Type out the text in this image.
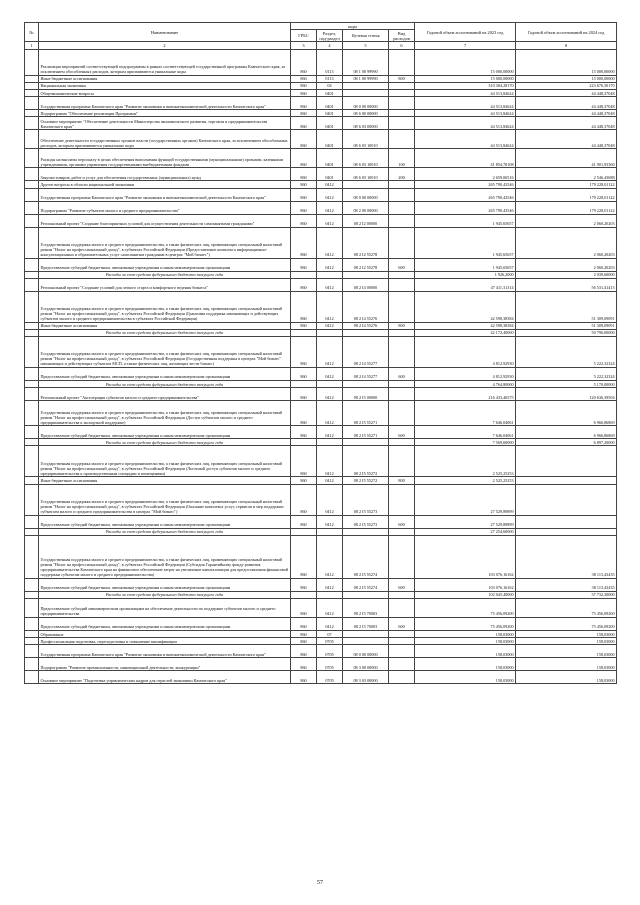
№	Наименование	коды				Годовой объем ассигнований на 2023 год	Годовой объем ассигнований на 2024 год
		ГРБС	Раздел, под-раздел	Целевая статья	Вид расходов		
1	2	3	4	5	6	7	8
	Реализация мероприятий соответствующей подпрограммы в рамках соответствующей государственной программы Камчатского края, за исключением обособленных расходов, которым присваиваются уникальные коды	860	0113	08 1 00 99990		15 000,00000	15 000,00000
	Иные бюджетные ассигнования	860	0113	08 1 00 99990	800	15 000,00000	15 000,00000
	Национальная экономика	860	04			310 304,28170	223 676,30170
	Общеэкономические вопросы	860	0401			44 513,84624	44 448,37048
	Государственная программа Камчатского края "Развитие экономики и внешнеэкономической деятельности Камчатского края"	860	0401	08 0 00 00000		44 513,84624	44 448,37048
	Подпрограмма "Обеспечение реализации Программы"	860	0401	08 6 00 00000		44 513,84624	44 448,37048
	Основное мероприятие "Обеспечение деятельности Министерства экономического развития, торговли и предпринимательства Камчатского края"	860	0401	08 6 03 00000		44 513,84624	44 448,37048
	Обеспечение деятельности государственных органов власти (государственных органов) Камчатского края, за исключением обособленных расходов, которым присваиваются уникальные коды	860	0401	08 6 03 10010		44 513,84624	44 448,37048
	Расходы на выплаты персоналу в целях обеспечения выполнения функций государственными (муниципальными) органами, казенными учреждениями, органами управления государственными внебюджетными фондами	860	0401	08 6 03 10010	100	41 854,78108	41 901,93360
	Закупка товаров, работ и услуг для обеспечения государственных (муниципальных) нужд	860	0401	08 6 03 10010	200	2 659,06516	2 546,43688
	Другие вопросы в области национальной экономики	860	0412			265 790,43546	179 228,01122
	Государственная программа Камчатского края "Развитие экономики и внешнеэкономической деятельности Камчатского края"	860	0412	08 0 00 00000		265 790,43546	179 228,01122
	Подпрограмма "Развитие субъектов малого и среднего предпринимательства"	860	0412	08 2 00 00000		265 790,43546	179 228,01122
	Региональный проект "Создание благоприятных условий для осуществления деятельности самозанятыми гражданами"	860	0412	08 2 I2 00000		1 945,65657	2 060,20203
	Государственная поддержка малого и среднего предпринимательства, а также физических лиц, применяющих специальный налоговый режим "Налог на профессиональный доход", в субъектах Российской Федерации (Предоставление комплекса информационно-консультационных и образовательных услуг самозанятым гражданам в центрах "Мой бизнес")	860	0412	08 2 I2 55278		1 945,65657	2 060,20203
	Предоставление субсидий бюджетным, автономным учреждениям и иным некоммерческим организациям	860	0412	08 2 I2 55278	600	1 945,65657	2 060,20203
	Расходы за счет средств федерального бюджета текущего года					1 926,2000	2 039,60000
	Региональный проект "Создание условий для легкого старта и комфортного ведения бизнеса"	860	0412	08 2 I4 00000		47 411,31314	56 531,41413
	Государственная поддержка малого и среднего предпринимательства, а также физических лиц, применяющих специальный налоговый режим "Налог на профессиональный доход", в субъектах Российской Федерации (Грантовая поддержка начинающих и действующих субъектов малого и среднего предпринимательства в субъектах Российской Федерации)	860	0412	08 2 I4 55276		42 598,38384	51 309,09091
	Иные бюджетные ассигнования	860	0412	08 2 I4 55276	800	42 598,38384	51 309,09091
	Расходы за счет средств федерального бюджета текущего года					42 172,40000	50 796,00000
	Государственная поддержка малого и среднего предпринимательства, а также физических лиц, применяющих специальный налоговый режим "Налог на профессиональный доход", в субъектах Российской Федерации (Государственная поддержка в центрах "Мой бизнес" начинающих и действующих субъектов МСП, а также физических лиц, желающих вести бизнес)	860	0412	08 2 I4 55277		4 812,92930	5 222,32324
	Предоставление субсидий бюджетным, автономным учреждениям и иным некоммерческим организациям	860	0412	08 2 I4 55277	600	4 812,92930	5 222,32324
	Расходы за счет средств федерального бюджета текущего года					4 764,80000	5 170,00000
	Региональный проект "Акселерация субъектов малого и среднего предпринимательства"	860	0412	08 2 I5 00000		216 433,46575	120 636,39504
	Государственная поддержка малого и среднего предпринимательства, а также физических лиц, применяющих специальный налоговый режим "Налог на профессиональный доход", в субъектах Российской Федерации (Доступ субъектов малого и среднего предпринимательства к экспортной поддержке)	860	0412	08 2 I5 55271		7 646,04061	6 966,86869
	Предоставление субсидий бюджетным, автономным учреждениям и иным некоммерческим организациям	860	0412	08 2 I5 55271	600	7 646,04061	6 966,86869
	Расходы за счет средств федерального бюджета текущего года					7 569,60000	6 897,20000
	Государственная поддержка малого и среднего предпринимательства, а также физических лиц, применяющих специальный налоговый режим "Налог на профессиональный доход", в субъектах Российской Федерации (Льготный доступ субъектов малого и среднего предпринимательства к производственным площадям и помещениям)	860	0412	08 2 I5 55272		2 525,25253	
	Иные бюджетные ассигнования	860	0412	08 2 I5 55272	800	2 525,25253	
	Государственная поддержка малого и среднего предпринимательства, а также физических лиц, применяющих специальный налоговый режим "Налог на профессиональный доход", в субъектах Российской Федерации (Оказание комплекса услуг, сервисов и мер поддержки субъектам малого и среднего предпринимательства в центрах "Мой бизнес")	860	0412	08 2 I5 55273		27 529,89899	
	Предоставление субсидий бюджетным, автономным учреждениям и иным некоммерческим организациям	860	0412	08 2 I5 55273	600	27 529,89899	
	Расходы за счет средств федерального бюджета текущего года					27 254,60000	
	Государственная поддержка малого и среднего предпринимательства, а также физических лиц, применяющих специальный налоговый режим "Налог на профессиональный доход", в субъектах Российской Федерации (Субсидия Гарантийному фонду развития предпринимательства Камчатского края на финансовое обеспечение затрат на увеличение капитализации для предоставления финансовой поддержки субъектам малого и среднего предпринимательства)	860	0412	08 2 I5 55274		103 076,16162	38 113,43435
	Предоставление субсидий бюджетным, автономным учреждениям и иным некоммерческим организациям	860	0412	08 2 I5 55274	600	103 076,16162	38 113,43435
	Расходы за счет средств федерального бюджета текущего года					102 045,40000	37 732,30000
	Предоставление субсидий некоммерческим организациям на обеспечение деятельности по поддержке субъектов малого и среднего предпринимательства	860	0412	08 2 I5 70003		75 456,09200	75 456,09200
	Предоставление субсидий бюджетным, автономным учреждениям и иным некоммерческим организациям	860	0412	08 2 I5 70003	600	75 456,09200	75 456,09200
	Образование	860	07			158,03000	158,03000
	Профессиональная подготовка, переподготовка и повышение квалификации	860	0705			158,03000	158,03000
	Государственная программа Камчатского края "Развитие экономики и внешнеэкономической деятельности Камчатского края"	860	0705	08 0 00 00000		158,03000	158,03000
	Подпрограмма "Развитие промышленности, инновационной деятельности, конкуренции"	860	0705	08 3 00 00000		158,03000	158,03000
	Основное мероприятие "Подготовка управленческих кадров для отраслей экономики Камчатского края"	860	0705	08 3 03 00000		158,03000	158,03000
57
